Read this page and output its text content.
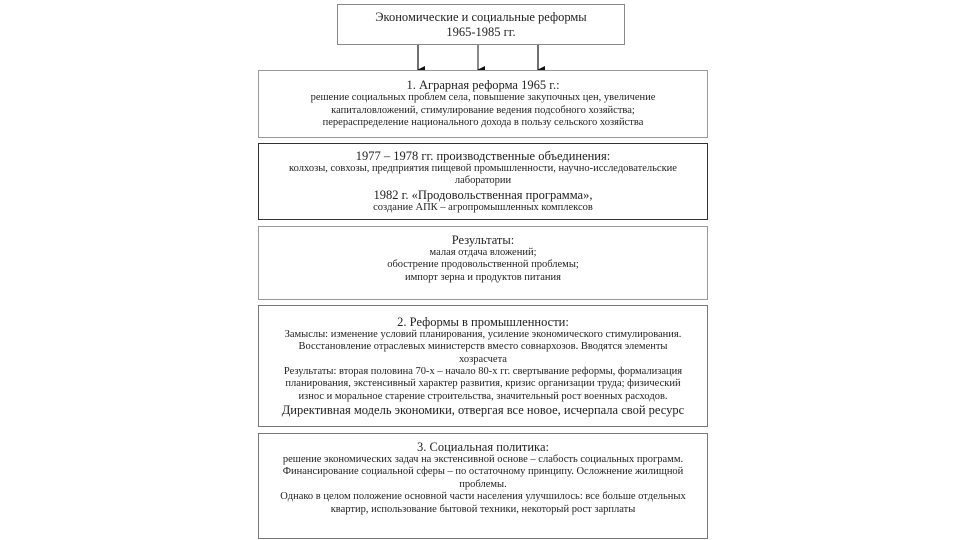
Экономические и социальные реформы
1965-1985 гг.
1. Аграрная реформа 1965 г.:
решение социальных проблем села, повышение закупочных цен, увеличение
капиталовложений, стимулирование ведения подсобного хозяйства;
перераспределение национального дохода в пользу сельского хозяйства
1977 – 1978 гг. производственные объединения:
колхозы, совхозы, предприятия пищевой промышленности, научно-исследовательские
лаборатории
1982 г. «Продовольственная программа»,
создание АПК – агропромышленных комплексов
Результаты:
малая отдача вложений;
обострение продовольственной проблемы;
импорт зерна и продуктов питания
2. Реформы в промышленности:
Замыслы: изменение условий планирования, усиление экономического стимулирования.
Восстановление отраслевых министерств вместо совнархозов. Вводятся элементы
хозрасчета
Результаты: вторая половина 70-х – начало 80-х гг. свертывание реформы, формализация
планирования, экстенсивный характер развития, кризис организации труда; физический
износ и моральное старение строительства, значительный рост военных расходов.
Директивная модель экономики, отвергая все новое, исчерпала свой ресурс
3. Социальная политика:
решение экономических задач на экстенсивной основе – слабость социальных программ.
Финансирование социальной сферы – по остаточному принципу. Осложнение жилищной
проблемы.
Однако в целом положение основной части населения улучшилось: все больше отдельных
квартир, использование бытовой техники, некоторый рост зарплаты
